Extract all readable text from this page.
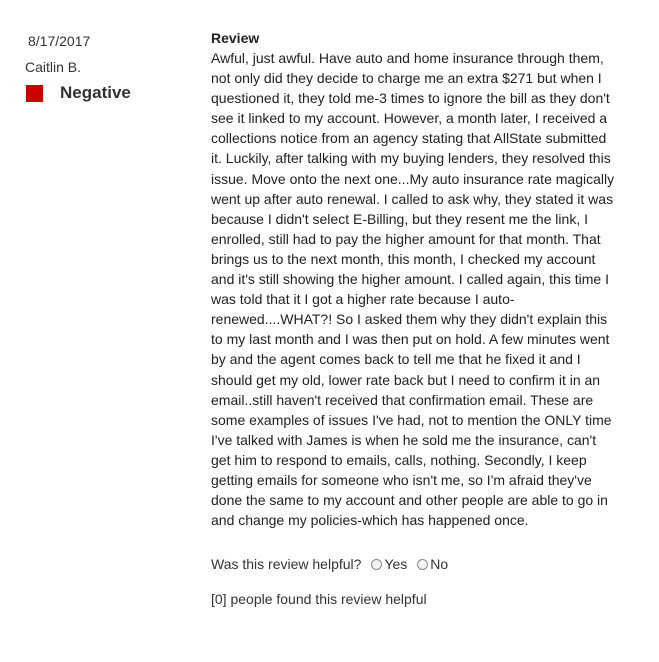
8/17/2017
Caitlin B.
Negative
Review

Awful, just awful. Have auto and home insurance through them, not only did they decide to charge me an extra $271 but when I questioned it, they told me-3 times to ignore the bill as they don't see it linked to my account. However, a month later, I received a collections notice from an agency stating that AllState submitted it. Luckily, after talking with my buying lenders, they resolved this issue. Move onto the next one...My auto insurance rate magically went up after auto renewal. I called to ask why, they stated it was because I didn't select E-Billing, but they resent me the link, I enrolled, still had to pay the higher amount for that month. That brings us to the next month, this month, I checked my account and it's still showing the higher amount. I called again, this time I was told that it I got a higher rate because I auto-renewed....WHAT?! So I asked them why they didn't explain this to my last month and I was then put on hold. A few minutes went by and the agent comes back to tell me that he fixed it and I should get my old, lower rate back but I need to confirm it in an email..still haven't received that confirmation email. These are some examples of issues I've had, not to mention the ONLY time I've talked with James is when he sold me the insurance, can't get him to respond to emails, calls, nothing. Secondly, I keep getting emails for someone who isn't me, so I'm afraid they've done the same to my account and other people are able to go in and change my policies-which has happened once.

Was this review helpful? Yes No
[0] people found this review helpful
